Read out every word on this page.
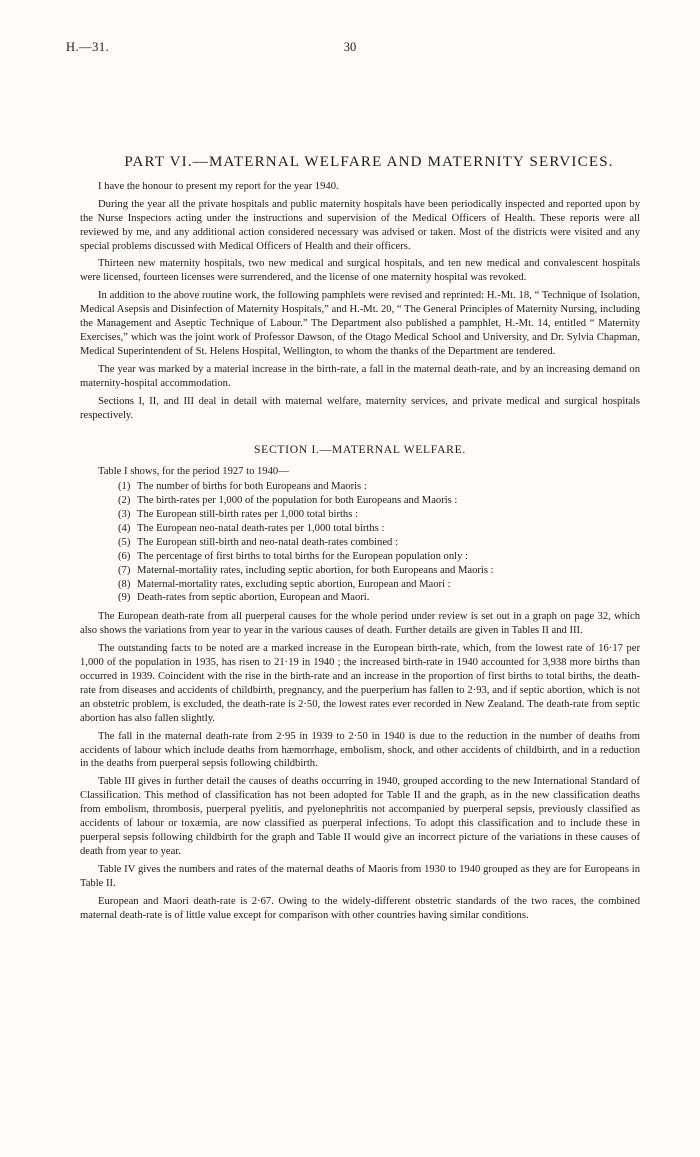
H.—31.	30
PART VI.—MATERNAL WELFARE AND MATERNITY SERVICES.

I have the honour to present my report for the year 1940.

During the year all the private hospitals and public maternity hospitals have been periodically inspected and reported upon by the Nurse Inspectors acting under the instructions and supervision of the Medical Officers of Health. These reports were all reviewed by me, and any additional action considered necessary was advised or taken. Most of the districts were visited and any special problems discussed with Medical Officers of Health and their officers.

Thirteen new maternity hospitals, two new medical and surgical hospitals, and ten new medical and convalescent hospitals were licensed, fourteen licenses were surrendered, and the license of one maternity hospital was revoked.

In addition to the above routine work, the following pamphlets were revised and reprinted: H.-Mt. 18, “ Technique of Isolation, Medical Asepsis and Disinfection of Maternity Hospitals,” and H.-Mt. 20, “ The General Principles of Maternity Nursing, including the Management and Aseptic Technique of Labour.” The Department also published a pamphlet, H.-Mt. 14, entitled “ Maternity Exercises,” which was the joint work of Professor Dawson, of the Otago Medical School and University, and Dr. Sylvia Chapman, Medical Superintendent of St. Helens Hospital, Wellington, to whom the thanks of the Department are tendered.

The year was marked by a material increase in the birth-rate, a fall in the maternal death-rate, and by an increasing demand on maternity-hospital accommodation.

Sections I, II, and III deal in detail with maternal welfare, maternity services, and private medical and surgical hospitals respectively.

SECTION I.—MATERNAL WELFARE.

Table I shows, for the period 1927 to 1940—

(1) The number of births for both Europeans and Maoris :
(2) The birth-rates per 1,000 of the population for both Europeans and Maoris :
(3) The European still-birth rates per 1,000 total births :
(4) The European neo-natal death-rates per 1,000 total births :
(5) The European still-birth and neo-natal death-rates combined :
(6) The percentage of first births to total births for the European population only :
(7) Maternal-mortality rates, including septic abortion, for both Europeans and Maoris :
(8) Maternal-mortality rates, excluding septic abortion, European and Maori :
(9) Death-rates from septic abortion, European and Maori.

The European death-rate from all puerperal causes for the whole period under review is set out in a graph on page 32, which also shows the variations from year to year in the various causes of death. Further details are given in Tables II and III.

The outstanding facts to be noted are a marked increase in the European birth-rate, which, from the lowest rate of 16·17 per 1,000 of the population in 1935, has risen to 21·19 in 1940 ; the increased birth-rate in 1940 accounted for 3,938 more births than occurred in 1939. Coincident with the rise in the birth-rate and an increase in the proportion of first births to total births, the death-rate from diseases and accidents of childbirth, pregnancy, and the puerperium has fallen to 2·93, and if septic abortion, which is not an obstetric problem, is excluded, the death-rate is 2·50, the lowest rates ever recorded in New Zealand. The death-rate from septic abortion has also fallen slightly.

The fall in the maternal death-rate from 2·95 in 1939 to 2·50 in 1940 is due to the reduction in the number of deaths from accidents of labour which include deaths from hæmorrhage, embolism, shock, and other accidents of childbirth, and in a reduction in the deaths from puerperal sepsis following childbirth.

Table III gives in further detail the causes of deaths occurring in 1940, grouped according to the new International Standard of Classification. This method of classification has not been adopted for Table II and the graph, as in the new classification deaths from embolism, thrombosis, puerperal pyelitis, and pyelonephritis not accompanied by puerperal sepsis, previously classified as accidents of labour or toxæmia, are now classified as puerperal infections. To adopt this classification and to include these in puerperal sepsis following childbirth for the graph and Table II would give an incorrect picture of the variations in these causes of death from year to year.

Table IV gives the numbers and rates of the maternal deaths of Maoris from 1930 to 1940 grouped as they are for Europeans in Table II.

European and Maori death-rate is 2·67. Owing to the widely-different obstetric standards of the two races, the combined maternal death-rate is of little value except for comparison with other countries having similar conditions.
